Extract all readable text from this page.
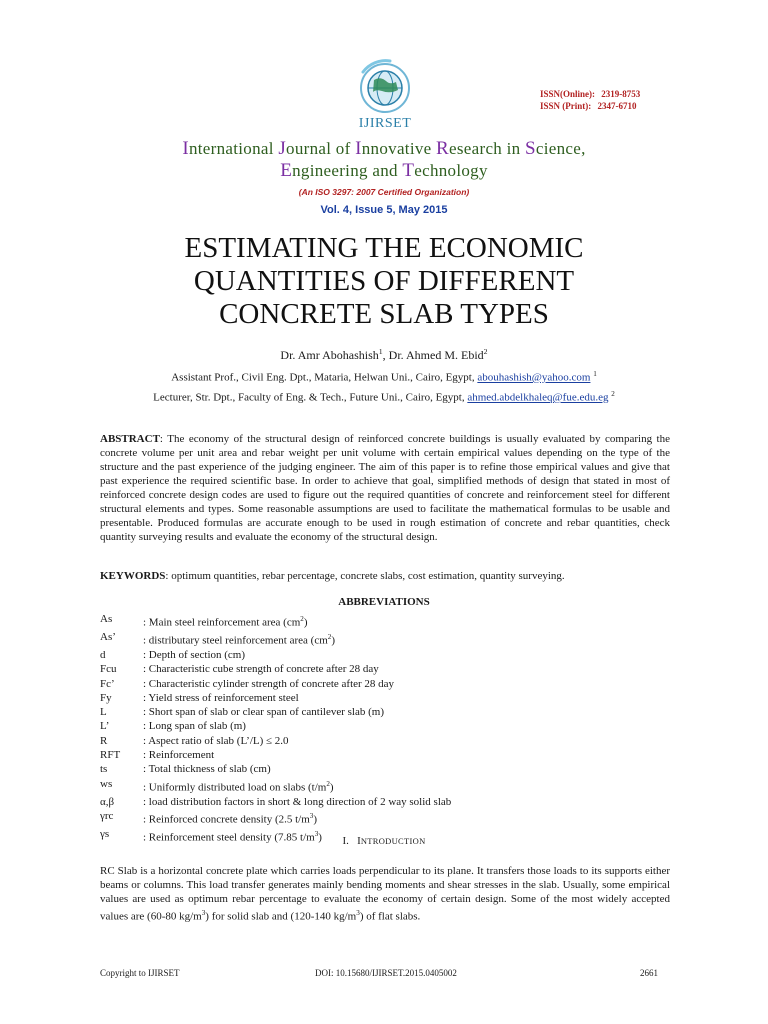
IJIRSET
ISSN(Online): 2319-8753
ISSN (Print): 2347-6710
International Journal of Innovative Research in Science,
Engineering and Technology
(An ISO 3297: 2007 Certified Organization)
Vol. 4, Issue 5, May 2015
ESTIMATING THE ECONOMIC
QUANTITIES OF DIFFERENT
CONCRETE SLAB TYPES
Dr. Amr Abohashish$^1$, Dr. Ahmed M. Ebid$^2$
Assistant Prof., Civil Eng. Dpt., Mataria, Helwan Uni., Cairo, Egypt, abouhashish@yahoo.com $^1$
Lecturer, Str. Dpt., Faculty of Eng. & Tech., Future Uni., Cairo, Egypt, ahmed.abdelkhaleq@fue.edu.eg $^2$
ABSTRACT: The economy of the structural design of reinforced concrete buildings is usually evaluated by comparing the concrete volume per unit area and rebar weight per unit volume with certain empirical values depending on the type of the structure and the past experience of the judging engineer. The aim of this paper is to refine those empirical values and give that past experience the required scientific base. In order to achieve that goal, simplified methods of design that stated in most of reinforced concrete design codes are used to figure out the required quantities of concrete and reinforcement steel for different structural elements and types. Some reasonable assumptions are used to facilitate the mathematical formulas to be usable and presentable. Produced formulas are accurate enough to be used in rough estimation of concrete and rebar quantities, check quantity surveying results and evaluate the economy of the structural design.
KEYWORDS: optimum quantities, rebar percentage, concrete slabs, cost estimation, quantity surveying.
ABBREVIATIONS
As	: Main steel reinforcement area $(cm^2)$
As’	: distributary steel reinforcement area $(cm^2)$
d	: Depth of section (cm)
Fcu	: Characteristic cube strength of concrete after 28 day
Fc’	: Characteristic cylinder strength of concrete after 28 day
Fy	: Yield stress of reinforcement steel
L	: Short span of slab or clear span of cantilever slab (m)
L’	: Long span of slab (m)
R	: Aspect ratio of slab (L’/L) ≤ 2.0
RFT	: Reinforcement
ts	: Total thickness of slab (cm)
ws	: Uniformly distributed load on slabs $(t/m^2)$
α,β	: load distribution factors in short & long direction of 2 way solid slab
γrc	: Reinforced concrete density (2.5 $t/m^3$)
γs	: Reinforcement steel density (7.85 $t/m^3$)	I. INTRODUCTION
RC Slab is a horizontal concrete plate which carries loads perpendicular to its plane. It transfers those loads to its supports either beams or columns. This load transfer generates mainly bending moments and shear stresses in the slab. Usually, some empirical values are used as optimum rebar percentage to evaluate the economy of certain design. Some of the most widely accepted values are (60-80 $kg/m^3$) for solid slab and (120-140 $kg/m^3$) of flat slabs.
Copyright to IJIRSET	DOI: 10.15680/IJIRSET.2015.0405002	2661
